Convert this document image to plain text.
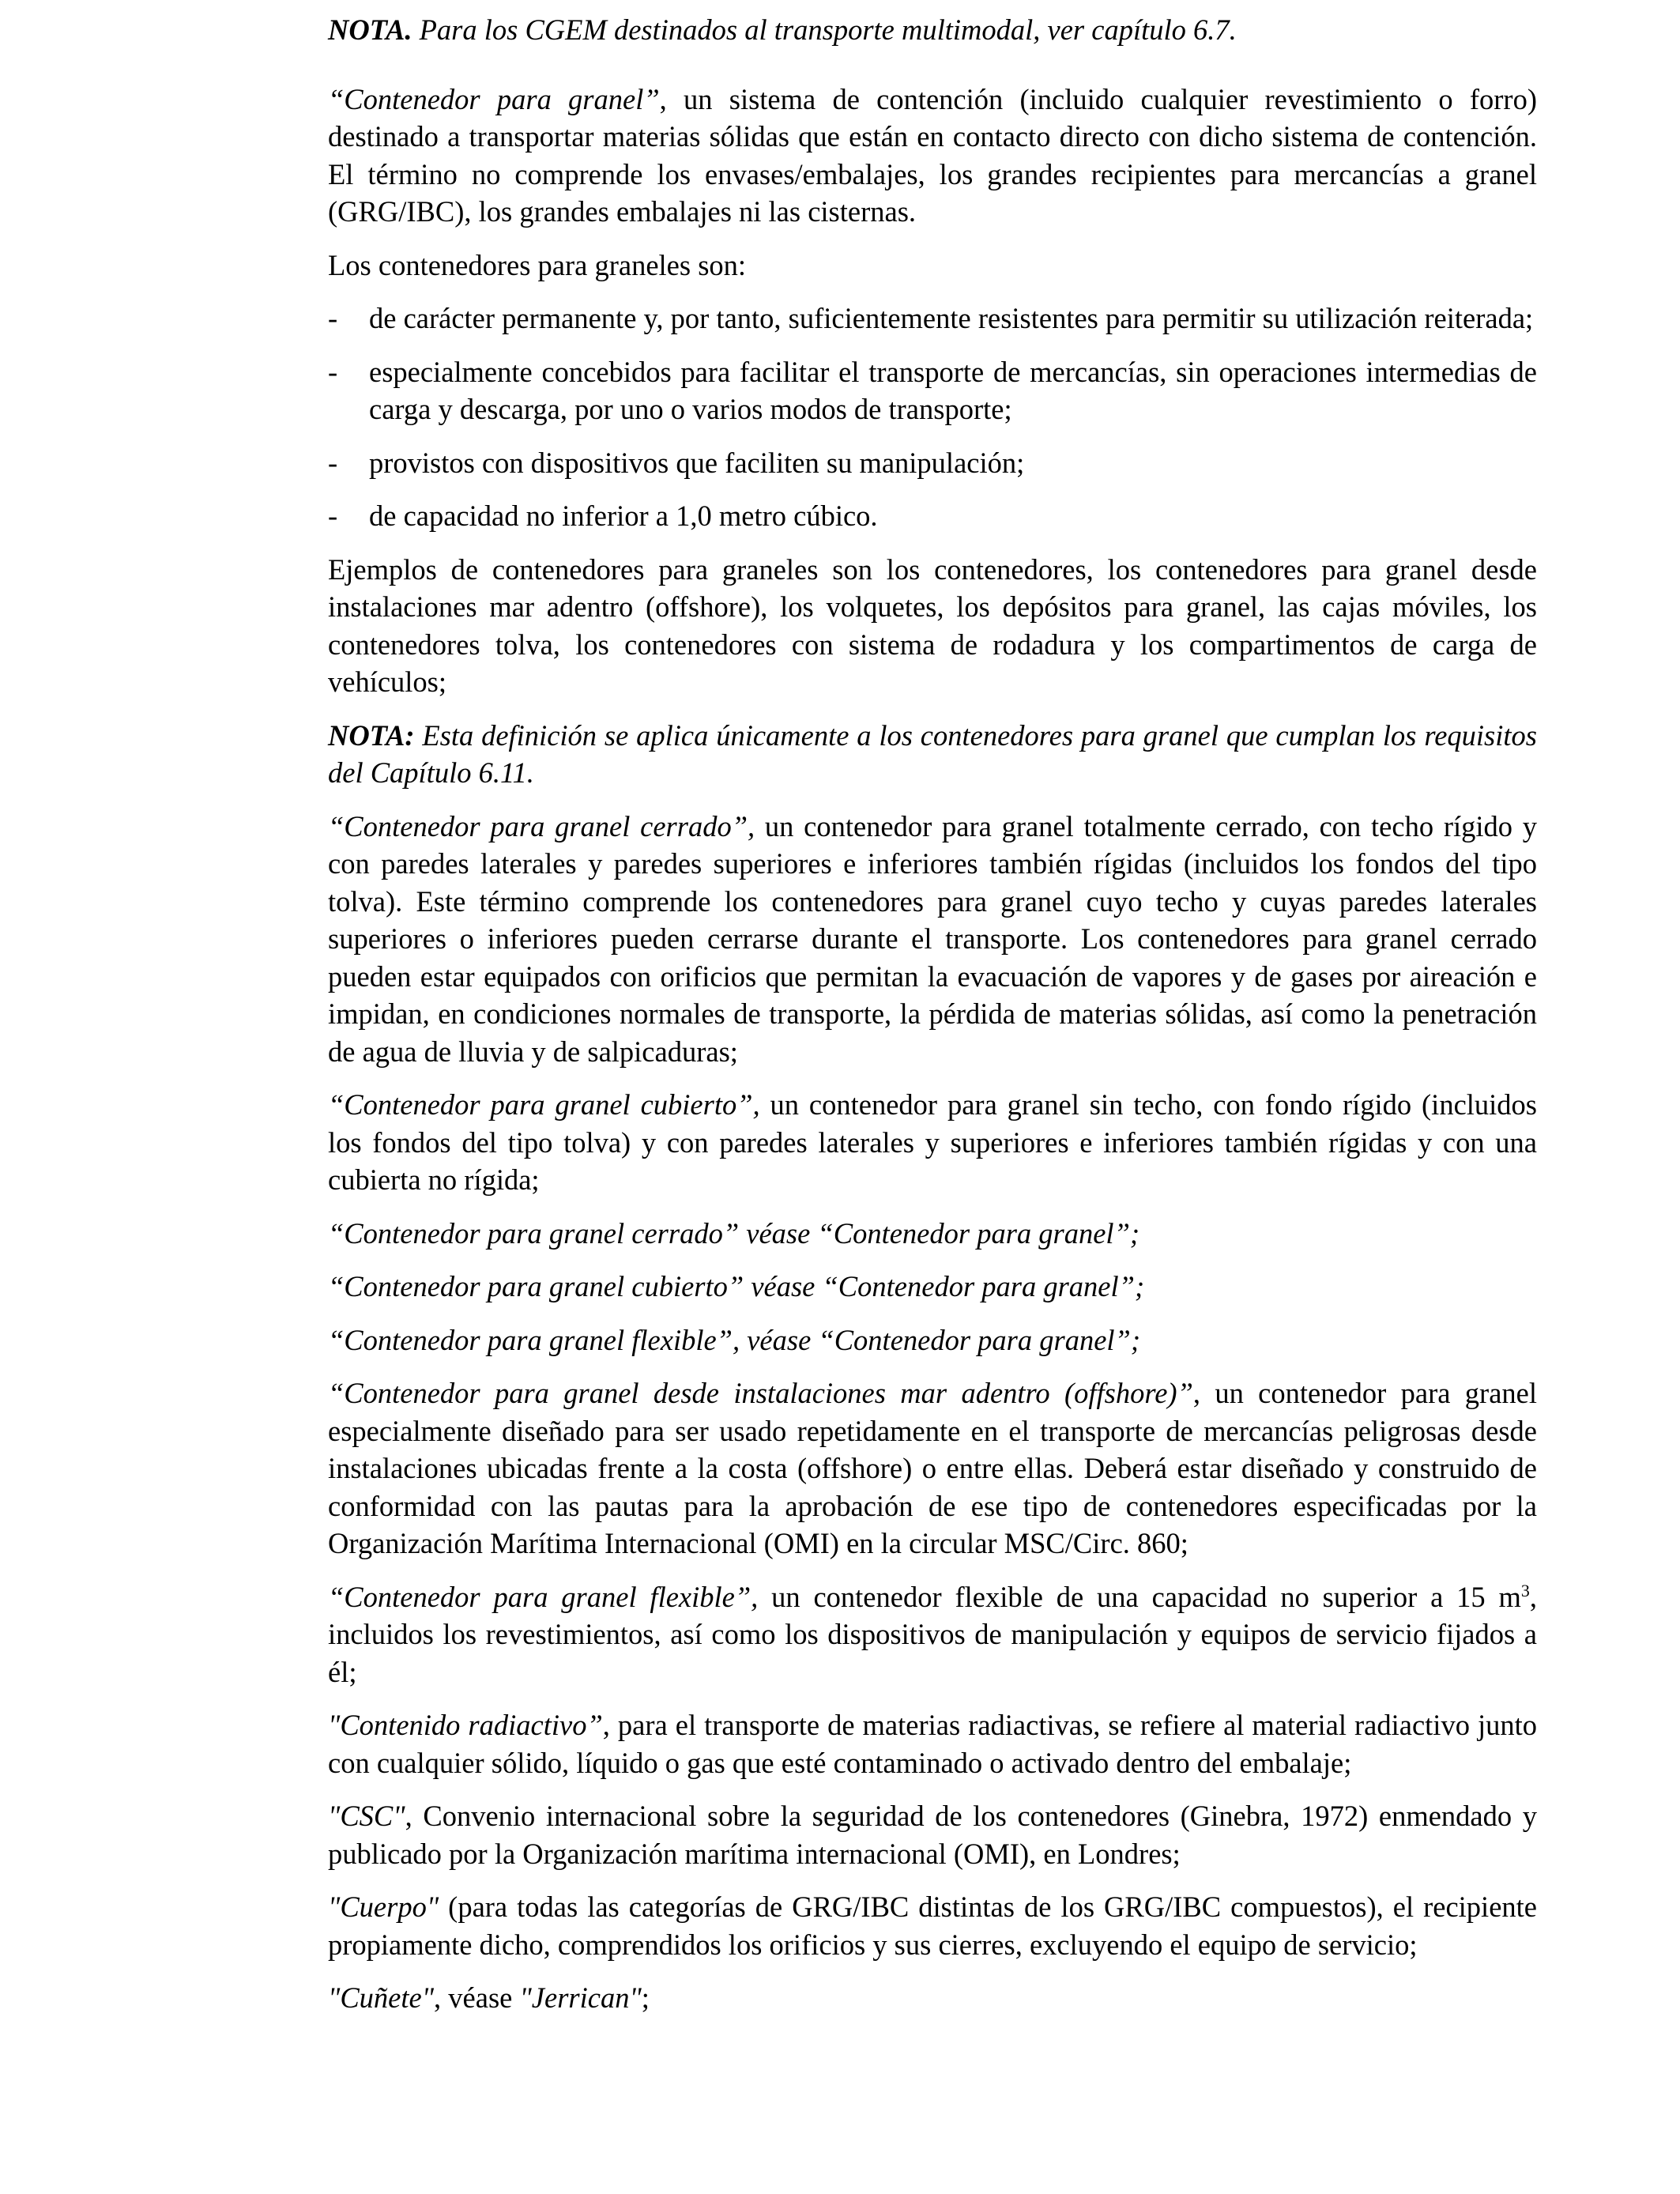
NOTA. Para los CGEM destinados al transporte multimodal, ver capítulo 6.7.

“Contenedor para granel”, un sistema de contención (incluido cualquier revestimiento o forro) destinado a transportar materias sólidas que están en contacto directo con dicho sistema de contención. El término no comprende los envases/embalajes, los grandes recipientes para mercancías a granel (GRG/IBC), los grandes embalajes ni las cisternas.

Los contenedores para graneles son:

- de carácter permanente y, por tanto, suficientemente resistentes para permitir su utilización reiterada;
- especialmente concebidos para facilitar el transporte de mercancías, sin operaciones intermedias de carga y descarga, por uno o varios modos de transporte;
- provistos con dispositivos que faciliten su manipulación;
- de capacidad no inferior a 1,0 metro cúbico.

Ejemplos de contenedores para graneles son los contenedores, los contenedores para granel desde instalaciones mar adentro (offshore), los volquetes, los depósitos para granel, las cajas móviles, los contenedores tolva, los contenedores con sistema de rodadura y los compartimentos de carga de vehículos;

NOTA: Esta definición se aplica únicamente a los contenedores para granel que cumplan los requisitos del Capítulo 6.11.

“Contenedor para granel cerrado”, un contenedor para granel totalmente cerrado, con techo rígido y con paredes laterales y paredes superiores e inferiores también rígidas (incluidos los fondos del tipo tolva). Este término comprende los contenedores para granel cuyo techo y cuyas paredes laterales superiores o inferiores pueden cerrarse durante el transporte. Los contenedores para granel cerrado pueden estar equipados con orificios que permitan la evacuación de vapores y de gases por aireación e impidan, en condiciones normales de transporte, la pérdida de materias sólidas, así como la penetración de agua de lluvia y de salpicaduras;

“Contenedor para granel cubierto”, un contenedor para granel sin techo, con fondo rígido (incluidos los fondos del tipo tolva) y con paredes laterales y superiores e inferiores también rígidas y con una cubierta no rígida;

“Contenedor para granel cerrado” véase “Contenedor para granel”;

“Contenedor para granel cubierto” véase “Contenedor para granel”;

“Contenedor para granel flexible”, véase “Contenedor para granel”;

“Contenedor para granel desde instalaciones mar adentro (offshore)”, un contenedor para granel especialmente diseñado para ser usado repetidamente en el transporte de mercancías peligrosas desde instalaciones ubicadas frente a la costa (offshore) o entre ellas. Deberá estar diseñado y construido de conformidad con las pautas para la aprobación de ese tipo de contenedores especificadas por la Organización Marítima Internacional (OMI) en la circular MSC/Circ. 860;

“Contenedor para granel flexible”, un contenedor flexible de una capacidad no superior a 15 $m^3$, incluidos los revestimientos, así como los dispositivos de manipulación y equipos de servicio fijados a él;

"Contenido radiactivo”, para el transporte de materias radiactivas, se refiere al material radiactivo junto con cualquier sólido, líquido o gas que esté contaminado o activado dentro del embalaje;

"CSC", Convenio internacional sobre la seguridad de los contenedores (Ginebra, 1972) enmendado y publicado por la Organización marítima internacional (OMI), en Londres;

"Cuerpo" (para todas las categorías de GRG/IBC distintas de los GRG/IBC compuestos), el recipiente propiamente dicho, comprendidos los orificios y sus cierres, excluyendo el equipo de servicio;

"Cuñete", véase "Jerrican";
